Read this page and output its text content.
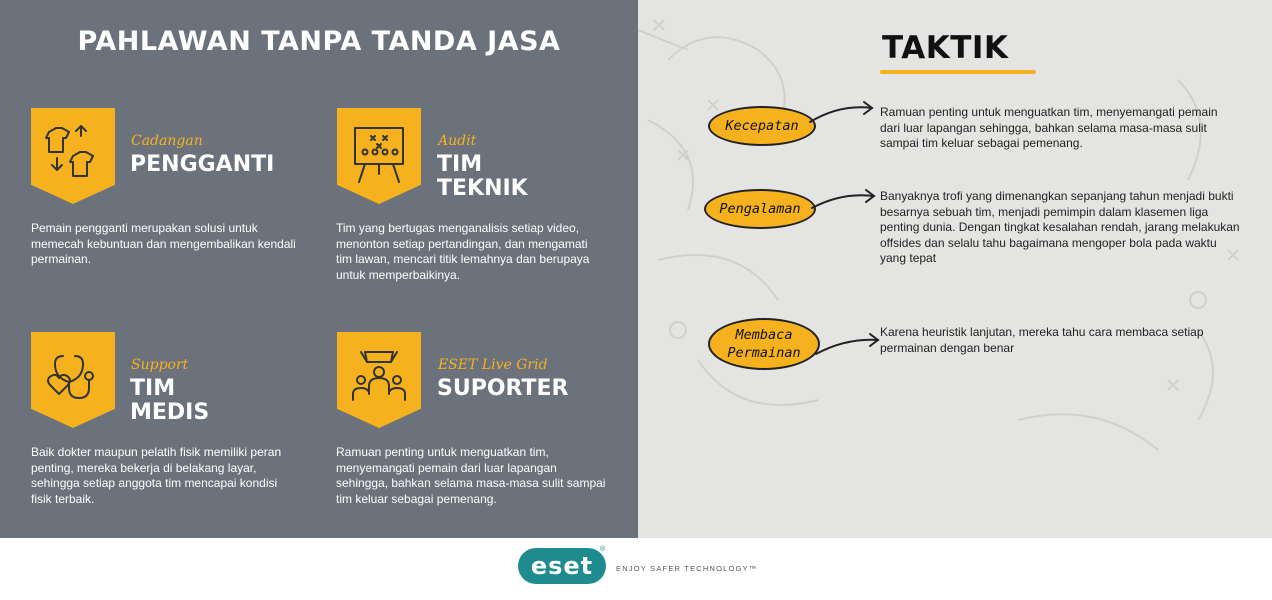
PAHLAWAN TANPA TANDA JASA

Cadangan

PENGGANTI

Pemain pengganti merupakan solusi untuk memecah kebuntuan dan mengembalikan kendali permainan.

Audit

TIM

TEKNIK

Tim yang bertugas menganalisis setiap video, menonton setiap pertandingan, dan mengamati tim lawan, mencari titik lemahnya dan berupaya untuk memperbaikinya.

Support

TIM

MEDIS

Baik dokter maupun pelatih fisik memiliki peran penting, mereka bekerja di belakang layar, sehingga setiap anggota tim mencapai kondisi fisik terbaik.

ESET Live Grid

SUPORTER

Ramuan penting untuk menguatkan tim, menyemangati pemain dari luar lapangan sehingga, bahkan selama masa-masa sulit sampai tim keluar sebagai pemenang.

TAKTIK
Kecepatan

Ramuan penting untuk menguatkan tim, menyemangati pemain dari luar lapangan sehingga, bahkan selama masa-masa sulit sampai tim keluar sebagai pemenang.

Pengalaman

Banyaknya trofi yang dimenangkan sepanjang tahun menjadi bukti besarnya sebuah tim, menjadi pemimpin dalam klasemen liga penting dunia. Dengan tingkat kesalahan rendah, jarang melakukan offsides dan selalu tahu bagaimana mengoper bola pada waktu yang tepat

Membaca
Permainan

Karena heuristik lanjutan, mereka tahu cara membaca setiap permainan dengan benar

eset
®
ENJOY SAFER TECHNOLOGY™
